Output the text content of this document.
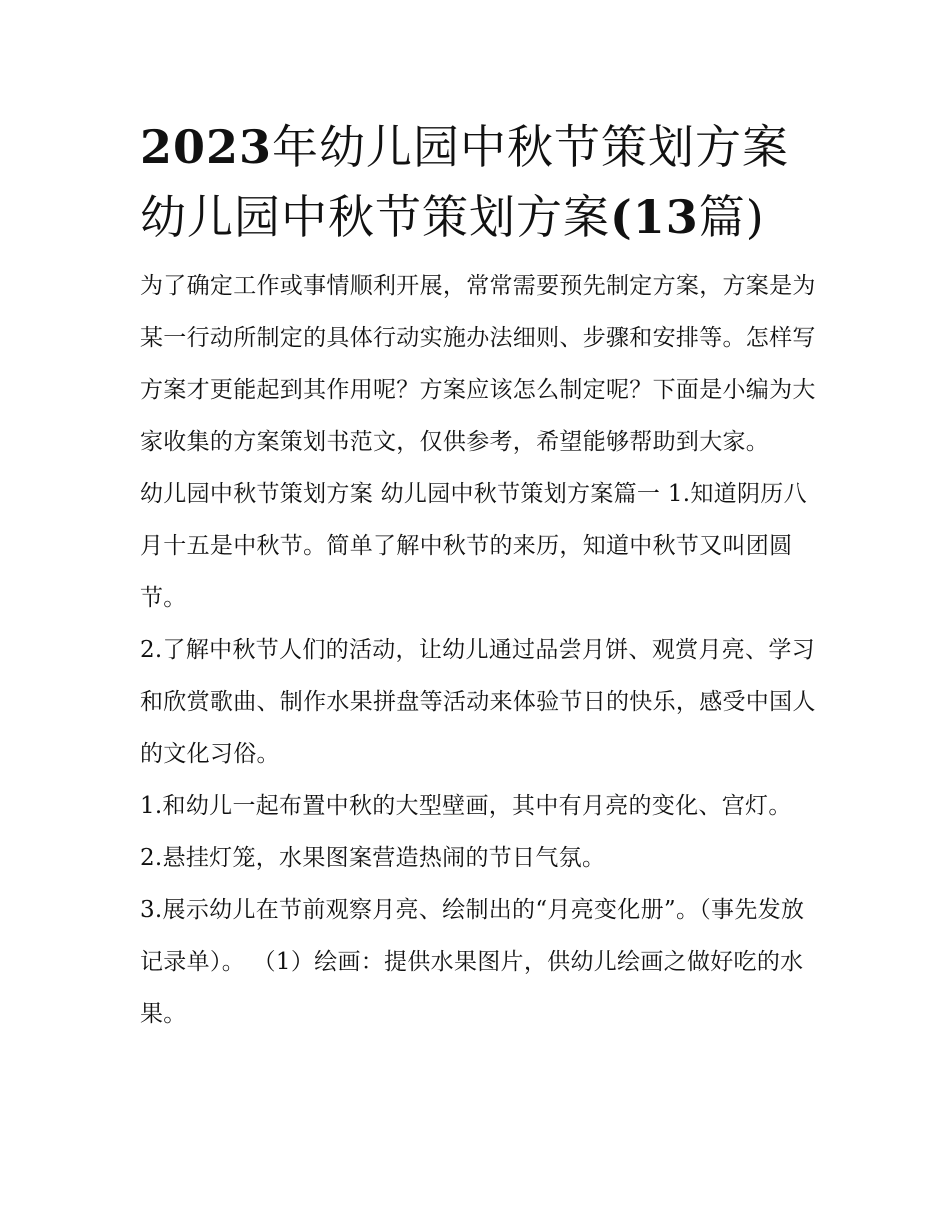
2023年幼儿园中秋节策划方案
幼儿园中秋节策划方案(13篇)

为了确定工作或事情顺利开展，常常需要预先制定方案，方案是为某一行动所制定的具体行动实施办法细则、步骤和安排等。怎样写方案才更能起到其作用呢？方案应该怎么制定呢？下面是小编为大家收集的方案策划书范文，仅供参考，希望能够帮助到大家。

幼儿园中秋节策划方案 幼儿园中秋节策划方案篇一 1.知道阴历八月十五是中秋节。简单了解中秋节的来历，知道中秋节又叫团圆节。

2.了解中秋节人们的活动，让幼儿通过品尝月饼、观赏月亮、学习和欣赏歌曲、制作水果拼盘等活动来体验节日的快乐，感受中国人的文化习俗。

1.和幼儿一起布置中秋的大型壁画，其中有月亮的变化、宫灯。 2.悬挂灯笼，水果图案营造热闹的节日气氛。

3.展示幼儿在节前观察月亮、绘制出的“月亮变化册”。（事先发放记录单）。 （1）绘画：提供水果图片，供幼儿绘画之做好吃的水果。
